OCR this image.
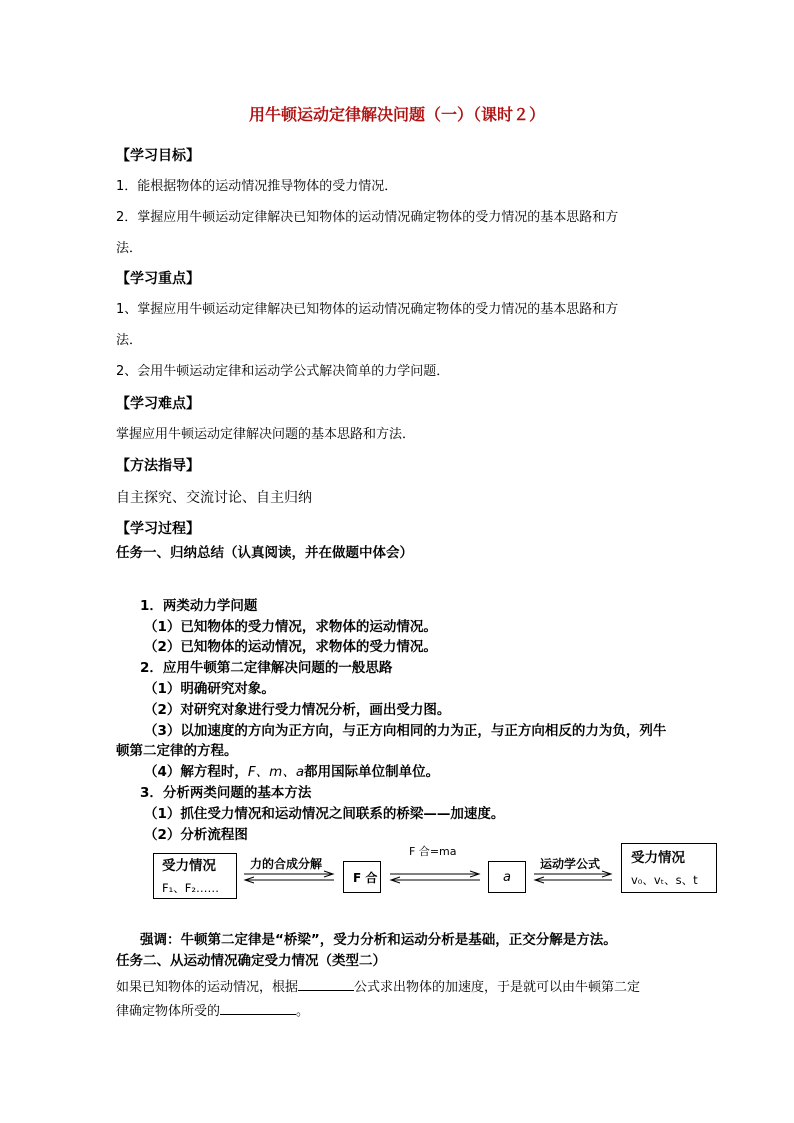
用牛顿运动定律解决问题（一）（课时２）
【学习目标】
1．能根据物体的运动情况推导物体的受力情况．
2．掌握应用牛顿运动定律解决已知物体的运动情况确定物体的受力情况的基本思路和方
法．
【学习重点】
1、掌握应用牛顿运动定律解决已知物体的运动情况确定物体的受力情况的基本思路和方
法．
2、会用牛顿运动定律和运动学公式解决简单的力学问题．
【学习难点】
掌握应用牛顿运动定律解决问题的基本思路和方法．
【方法指导】
自主探究、交流讨论、自主归纳
【学习过程】
任务一、归纳总结（认真阅读，并在做题中体会）
1．两类动力学问题
（1）已知物体的受力情况，求物体的运动情况。
（2）已知物体的运动情况，求物体的受力情况。
2．应用牛顿第二定律解决问题的一般思路
（1）明确研究对象。
（2）对研究对象进行受力情况分析，画出受力图。
（3）以加速度的方向为正方向，与正方向相同的力为正，与正方向相反的力为负，列牛
顿第二定律的方程。
（4）解方程时，F、m、a都用国际单位制单位。
3．分析两类问题的基本方法
（1）抓住受力情况和运动情况之间联系的桥梁——加速度。
（2）分析流程图
受力情况
F₁、F₂……
力的合成分解
F 合
F 合=ma
a
运动学公式 受力情况
v₀、vₜ、s、t
强调：牛顿第二定律是“桥梁”，受力分析和运动分析是基础，正交分解是方法。
任务二、从运动情况确定受力情况（类型二）
如果已知物体的运动情况，根据	公式求出物体的加速度，于是就可以由牛顿第二定
律确定物体所受的	。
